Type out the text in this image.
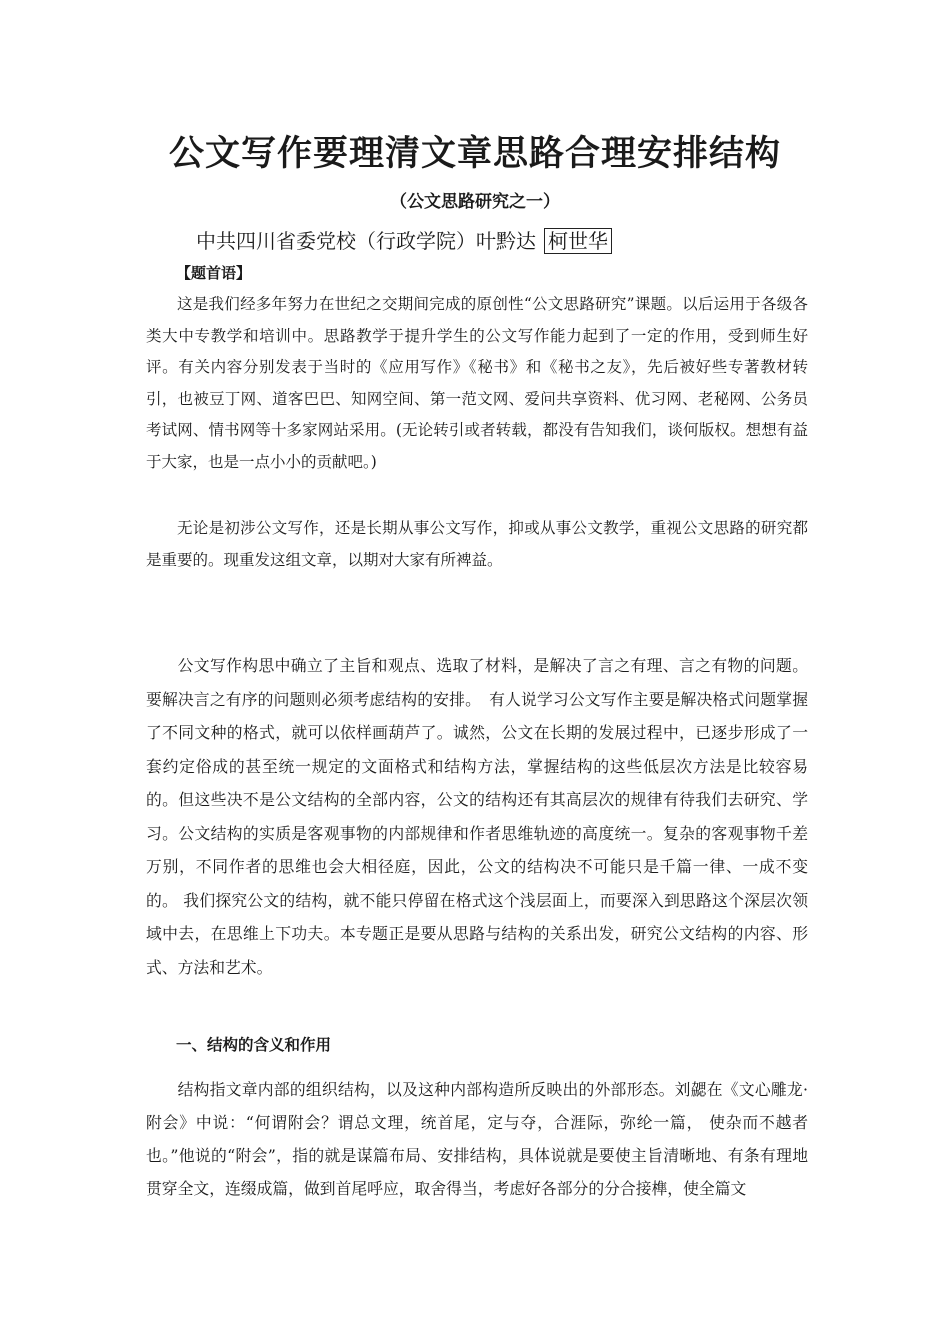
公文写作要理清文章思路合理安排结构
（公文思路研究之一）
中共四川省委党校（行政学院）叶黔达 柯世华
【题首语】
这是我们经多年努力在世纪之交期间完成的原创性“公文思路研究”课题。以后运用于各级各类大中专教学和培训中。思路教学于提升学生的公文写作能力起到了一定的作用，受到师生好评。有关内容分别发表于当时的《应用写作》《秘书》和《秘书之友》，先后被好些专著教材转引，也被豆丁网、道客巴巴、知网空间、第一范文网、爱问共享资料、优习网、老秘网、公务员考试网、情书网等十多家网站采用。(无论转引或者转载，都没有告知我们，谈何版权。想想有益于大家，也是一点小小的贡献吧。)
无论是初涉公文写作，还是长期从事公文写作，抑或从事公文教学，重视公文思路的研究都是重要的。现重发这组文章，以期对大家有所裨益。
公文写作构思中确立了主旨和观点、选取了材料，是解决了言之有理、言之有物的问题。要解决言之有序的问题则必须考虑结构的安排。　有人说学习公文写作主要是解决格式问题掌握了不同文种的格式，就可以依样画葫芦了。诚然，公文在长期的发展过程中，已逐步形成了一套约定俗成的甚至统一规定的文面格式和结构方法，掌握结构的这些低层次方法是比较容易的。但这些决不是公文结构的全部内容，公文的结构还有其高层次的规律有待我们去研究、学习。公文结构的实质是客观事物的内部规律和作者思维轨迹的高度统一。复杂的客观事物千差万别，不同作者的思维也会大相径庭，因此，公文的结构决不可能只是千篇一律、一成不变的。 我们探究公文的结构，就不能只停留在格式这个浅层面上，而要深入到思路这个深层次领域中去，在思维上下功夫。本专题正是要从思路与结构的关系出发，研究公文结构的内容、形式、方法和艺术。
一、结构的含义和作用
结构指文章内部的组织结构，以及这种内部构造所反映出的外部形态。刘勰在《文心雕龙·附会》中说：“何谓附会？谓总文理，统首尾，定与夺，合涯际，弥纶一篇， 使杂而不越者也。”他说的“附会”，指的就是谋篇布局、安排结构，具体说就是要使主旨清晰地、有条有理地贯穿全文，连缀成篇，做到首尾呼应，取舍得当，考虑好各部分的分合接榫，使全篇文
